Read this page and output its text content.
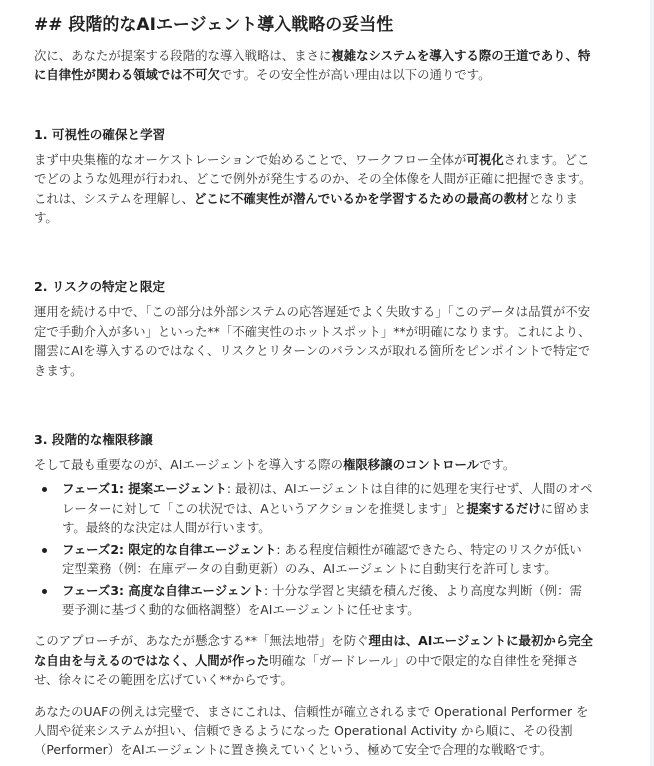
## 段階的なAIエージェント導入戦略の妥当性

次に、あなたが提案する段階的な導入戦略は、まさに複雑なシステムを導入する際の王道であり、特に自律性が関わる領域では不可欠です。その安全性が高い理由は以下の通りです。

1. 可視性の確保と学習

まず中央集権的なオーケストレーションで始めることで、ワークフロー全体が可視化されます。どこでどのような処理が行われ、どこで例外が発生するのか、その全体像を人間が正確に把握できます。これは、システムを理解し、どこに不確実性が潜んでいるかを学習するための最高の教材となります。

2. リスクの特定と限定

運用を続ける中で、「この部分は外部システムの応答遅延でよく失敗する」「このデータは品質が不安定で手動介入が多い」といった**「不確実性のホットスポット」**が明確になります。これにより、闇雲にAIを導入するのではなく、リスクとリターンのバランスが取れる箇所をピンポイントで特定できます。

3. 段階的な権限移譲

そして最も重要なのが、AIエージェントを導入する際の権限移譲のコントロールです。

フェーズ1: 提案エージェント: 最初は、AIエージェントは自律的に処理を実行せず、人間のオペレーターに対して「この状況では、Aというアクションを推奨します」と提案するだけに留めます。最終的な決定は人間が行います。
フェーズ2: 限定的な自律エージェント: ある程度信頼性が確認できたら、特定のリスクが低い定型業務（例：在庫データの自動更新）のみ、AIエージェントに自動実行を許可します。
フェーズ3: 高度な自律エージェント: 十分な学習と実績を積んだ後、より高度な判断（例：需要予測に基づく動的な価格調整）をAIエージェントに任せます。

このアプローチが、あなたが懸念する**「無法地帯」を防ぐ理由は、AIエージェントに最初から完全な自由を与えるのではなく、人間が作った明確な「ガードレール」の中で限定的な自律性を発揮させ、徐々にその範囲を広げていく**からです。

あなたのUAFの例えは完璧で、まさにこれは、信頼性が確立されるまで Operational Performer を人間や従来システムが担い、信頼できるようになった Operational Activity から順に、その役割（Performer）をAIエージェントに置き換えていくという、極めて安全で合理的な戦略です。
